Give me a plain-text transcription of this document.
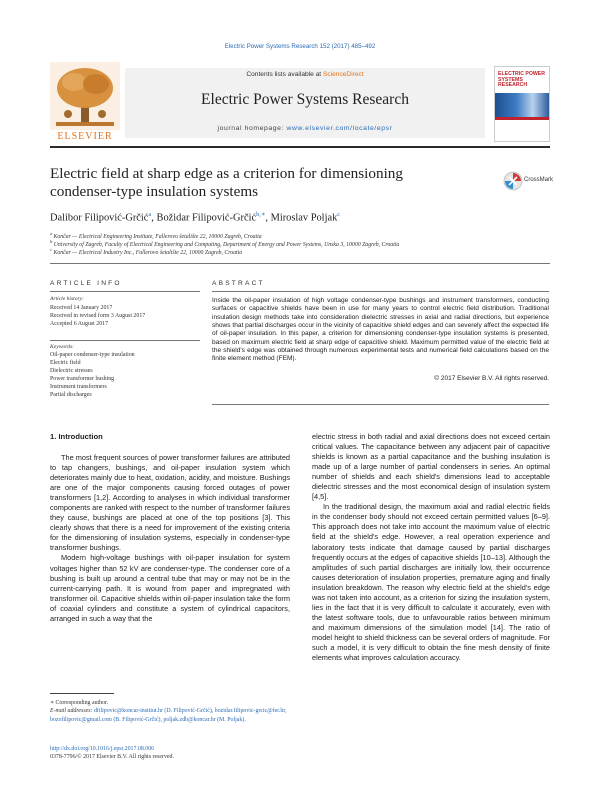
Electric Power Systems Research 152 (2017) 485–492
ELSEVIER
Contents lists available at ScienceDirect
Electric Power Systems Research
journal homepage: www.elsevier.com/locate/epsr
ELECTRIC POWER SYSTEMS RESEARCH
Electric field at sharp edge as a criterion for dimensioning condenser-type insulation systems
CrossMark
Dalibor Filipović-Grčić$^a$, Božidar Filipović-Grčić$^{b,∗}$, Miroslav Poljak$^c$
$^a$ Končar — Electrical Engineering Institute, Fallerovo šetalište 22, 10000 Zagreb, Croatia
$^b$ University of Zagreb, Faculty of Electrical Engineering and Computing, Department of Energy and Power Systems, Unska 3, 10000 Zagreb, Croatia
$^c$ Končar — Electrical Industry Inc., Fallerovo šetalište 22, 10000 Zagreb, Croatia
ARTICLE INFO
Article history:
Received 14 January 2017
Received in revised form 3 August 2017
Accepted 6 August 2017
Keywords:
Oil-paper condenser-type insulation
Electric field
Dielectric stresses
Power transformer bushing
Instrument transformers
Partial discharges
ABSTRACT
Inside the oil-paper insulation of high voltage condenser-type bushings and instrument transformers, conducting surfaces or capacitive shields have been in use for many years to control electric field distribution. Traditional insulation design methods take into consideration dielectric stresses in axial and radial directions, but experience shows that partial discharges occur in the vicinity of capacitive shield edges and can severely affect the expected life of oil-paper insulation. In this paper, a criterion for dimensioning condenser-type insulation systems is presented, based on maximum electric field at sharp edge of capacitive shield. Maximum permitted value of the electric field at the shield's edge was obtained through numerous experimental tests and numerical field calculations based on the finite element method (FEM).
© 2017 Elsevier B.V. All rights reserved.
1. Introduction

The most frequent sources of power transformer failures are attributed to tap changers, bushings, and oil-paper insulation system which deteriorates mainly due to heat, oxidation, acidity, and moisture. Bushings are one of the major components causing forced outages of power transformers [1,2]. According to analyses in which individual transformer components are ranked with respect to the number of transformer failures they cause, bushings are placed at one of the top positions [3]. This clearly shows that there is a need for improvement of the existing criteria for the dimensioning of insulation systems, especially in condenser-type transformer bushings.

Modern high-voltage bushings with oil-paper insulation for system voltages higher than 52 kV are condenser-type. The condenser core of a bushing is built up around a central tube that may or may not be in the current-carrying path. It is wound from paper and impregnated with transformer oil. Capacitive shields within oil-paper insulation take the form of coaxial cylinders and constitute a system of cylindrical capacitors, arranged in such a way that the

electric stress in both radial and axial directions does not exceed certain critical values. The capacitance between any adjacent pair of capacitive shields is known as a partial capacitance and the bushing insulation is made up of a large number of partial condensers in series. An optimal number of shields and each shield's dimensions lead to acceptable dielectric stresses and the most economical design of insulation system [4,5].

In the traditional design, the maximum axial and radial electric fields in the condenser body should not exceed certain permitted values [6–9]. This approach does not take into account the maximum value of electric field at the shield's edge. However, a real operation experience and laboratory tests indicate that damage caused by partial discharges frequently occurs at the edges of capacitive shields [10–13]. Although the amplitudes of such partial discharges are initially low, their occurrence causes deterioration of insulation properties, premature aging and finally insulation breakdown. The reason why electric field at the shield's edge was not taken into account, as a criterion for sizing the insulation system, lies in the fact that it is very difficult to calculate it accurately, even with the latest software tools, due to unfavourable ratios between minimum and maximum dimensions of the simulation model [14]. The ratio of model height to shield thickness can be several orders of magnitude. For such a model, it is very difficult to obtain the fine mesh density of finite elements what improves calculation accuracy.

∗ Corresponding author.
E-mail addresses: dfilipovic@koncar-institut.hr (D. Filipović-Grčić), bozidar.filipovic-grcic@fer.hr, bozofilipovic@gmail.com (B. Filipović-Grčić), poljak.zdb@koncar.hr (M. Poljak).
http://dx.doi.org/10.1016/j.epsr.2017.08.006
0378-7796/© 2017 Elsevier B.V. All rights reserved.
